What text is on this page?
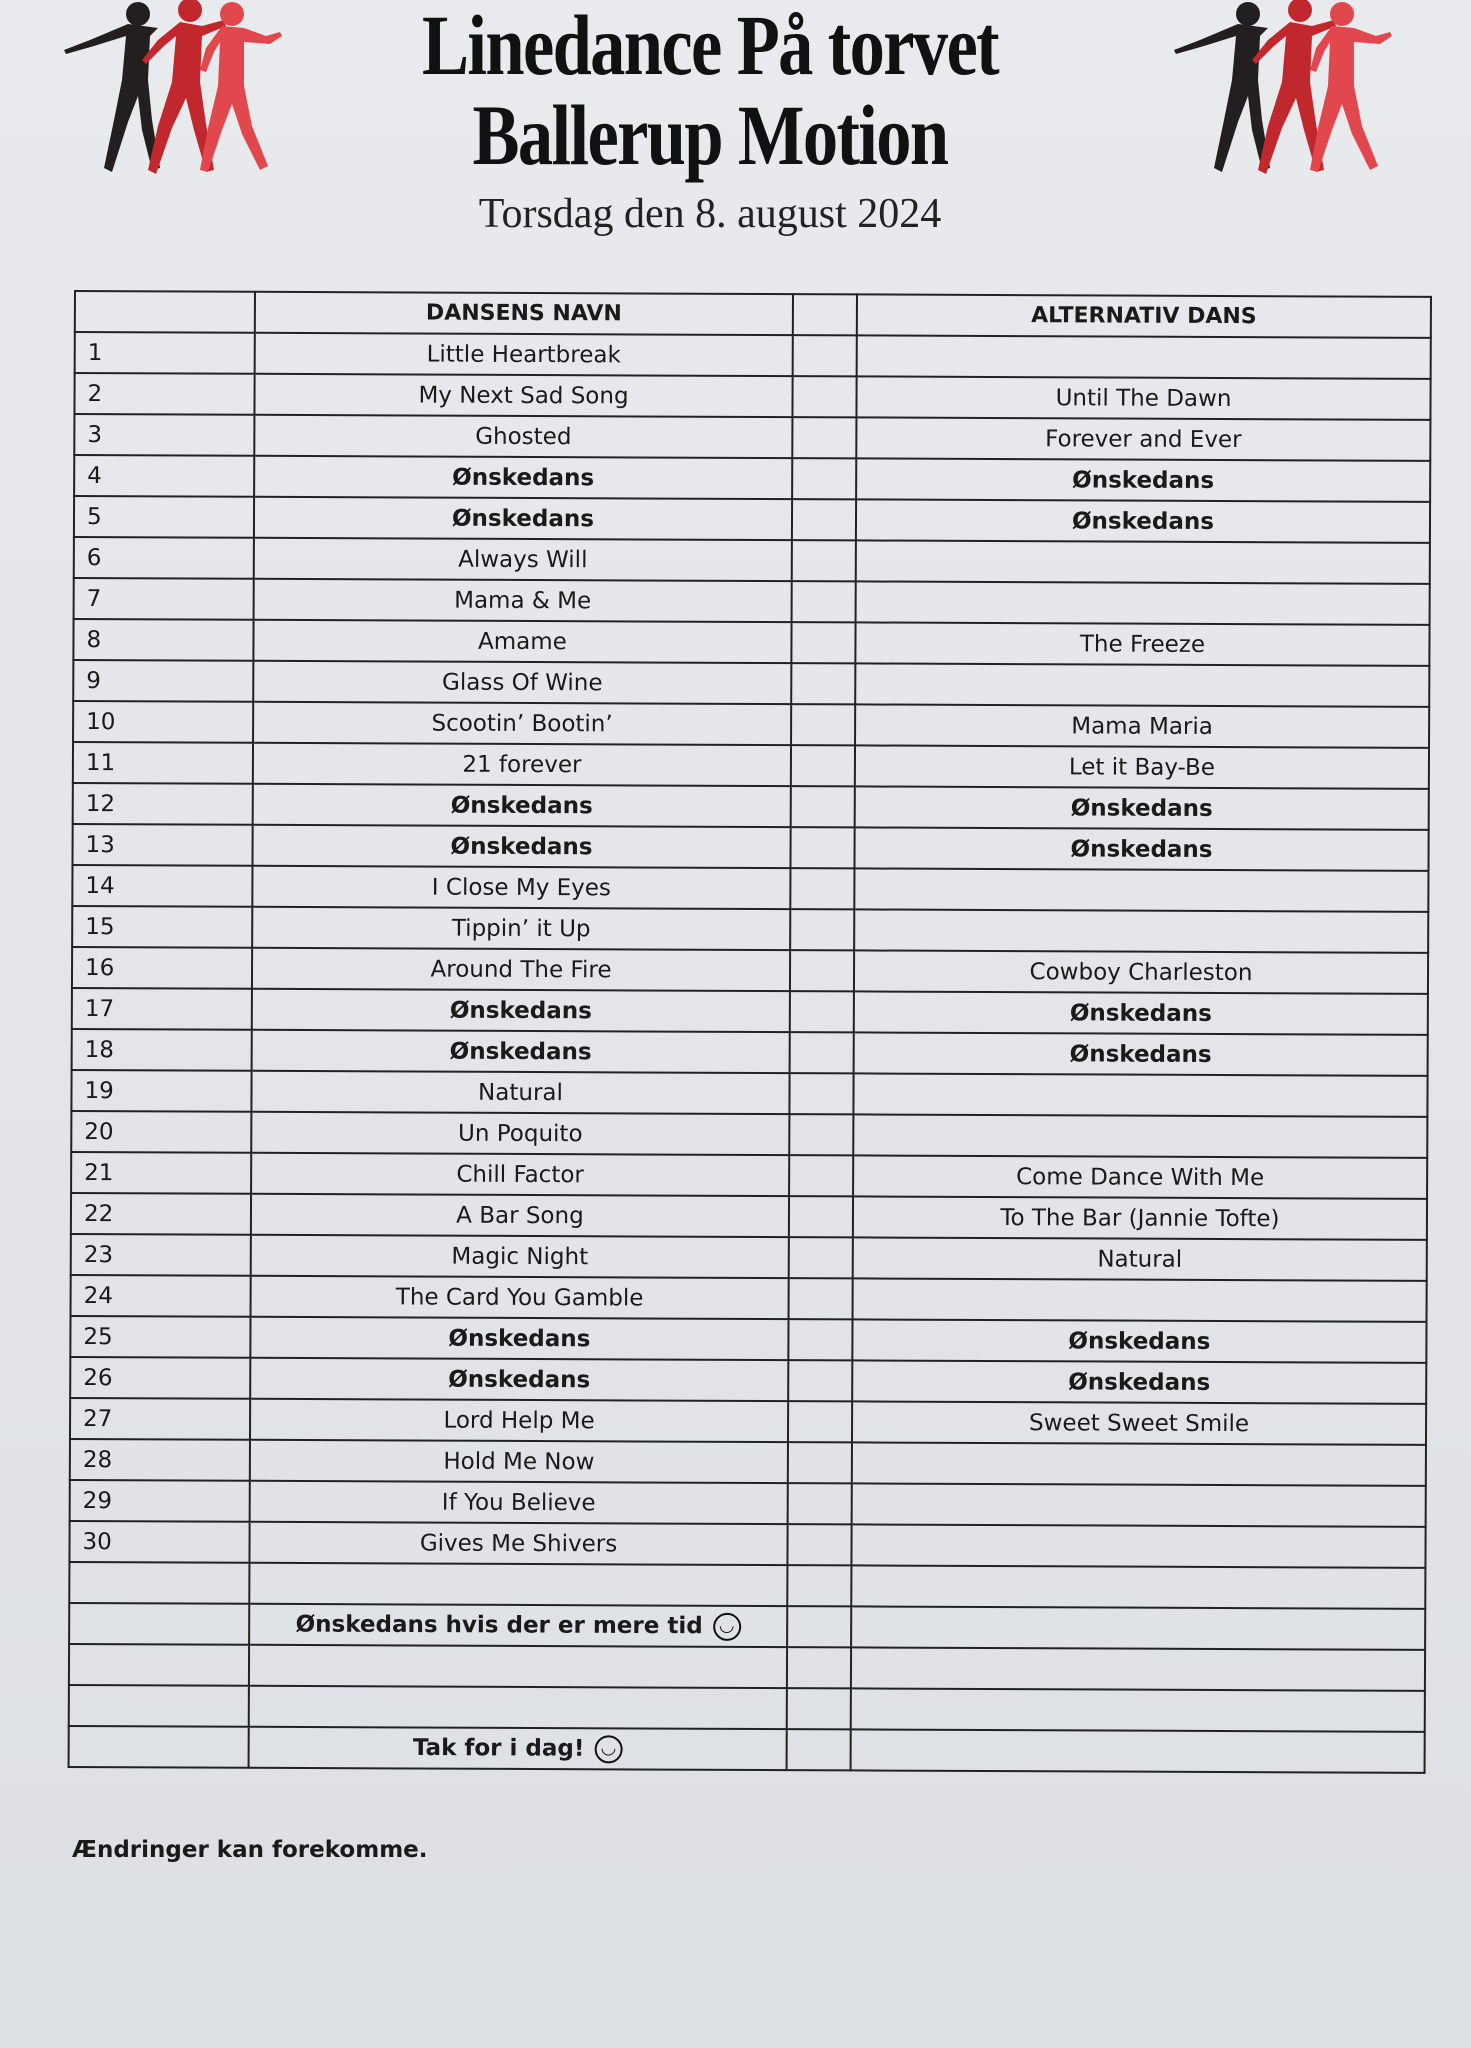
Linedance På torvet
Ballerup Motion
Torsdag den 8. august 2024
	DANSENS NAVN		ALTERNATIV DANS
1	Little Heartbreak		
2	My Next Sad Song		Until The Dawn
3	Ghosted		Forever and Ever
4	Ønskedans		Ønskedans
5	Ønskedans		Ønskedans
6	Always Will		
7	Mama & Me		
8	Amame		The Freeze
9	Glass Of Wine		
10	Scootin’ Bootin’		Mama Maria
11	21 forever		Let it Bay-Be
12	Ønskedans		Ønskedans
13	Ønskedans		Ønskedans
14	I Close My Eyes		
15	Tippin’ it Up		
16	Around The Fire		Cowboy Charleston
17	Ønskedans		Ønskedans
18	Ønskedans		Ønskedans
19	Natural		
20	Un Poquito		
21	Chill Factor		Come Dance With Me
22	A Bar Song		To The Bar (Jannie Tofte)
23	Magic Night		Natural
24	The Card You Gamble		
25	Ønskedans		Ønskedans
26	Ønskedans		Ønskedans
27	Lord Help Me		Sweet Sweet Smile
28	Hold Me Now		
29	If You Believe		
30	Gives Me Shivers		

	Ønskedans hvis der er mere tid ◡		

	Tak for i dag! ◡		
Ændringer kan forekomme.
